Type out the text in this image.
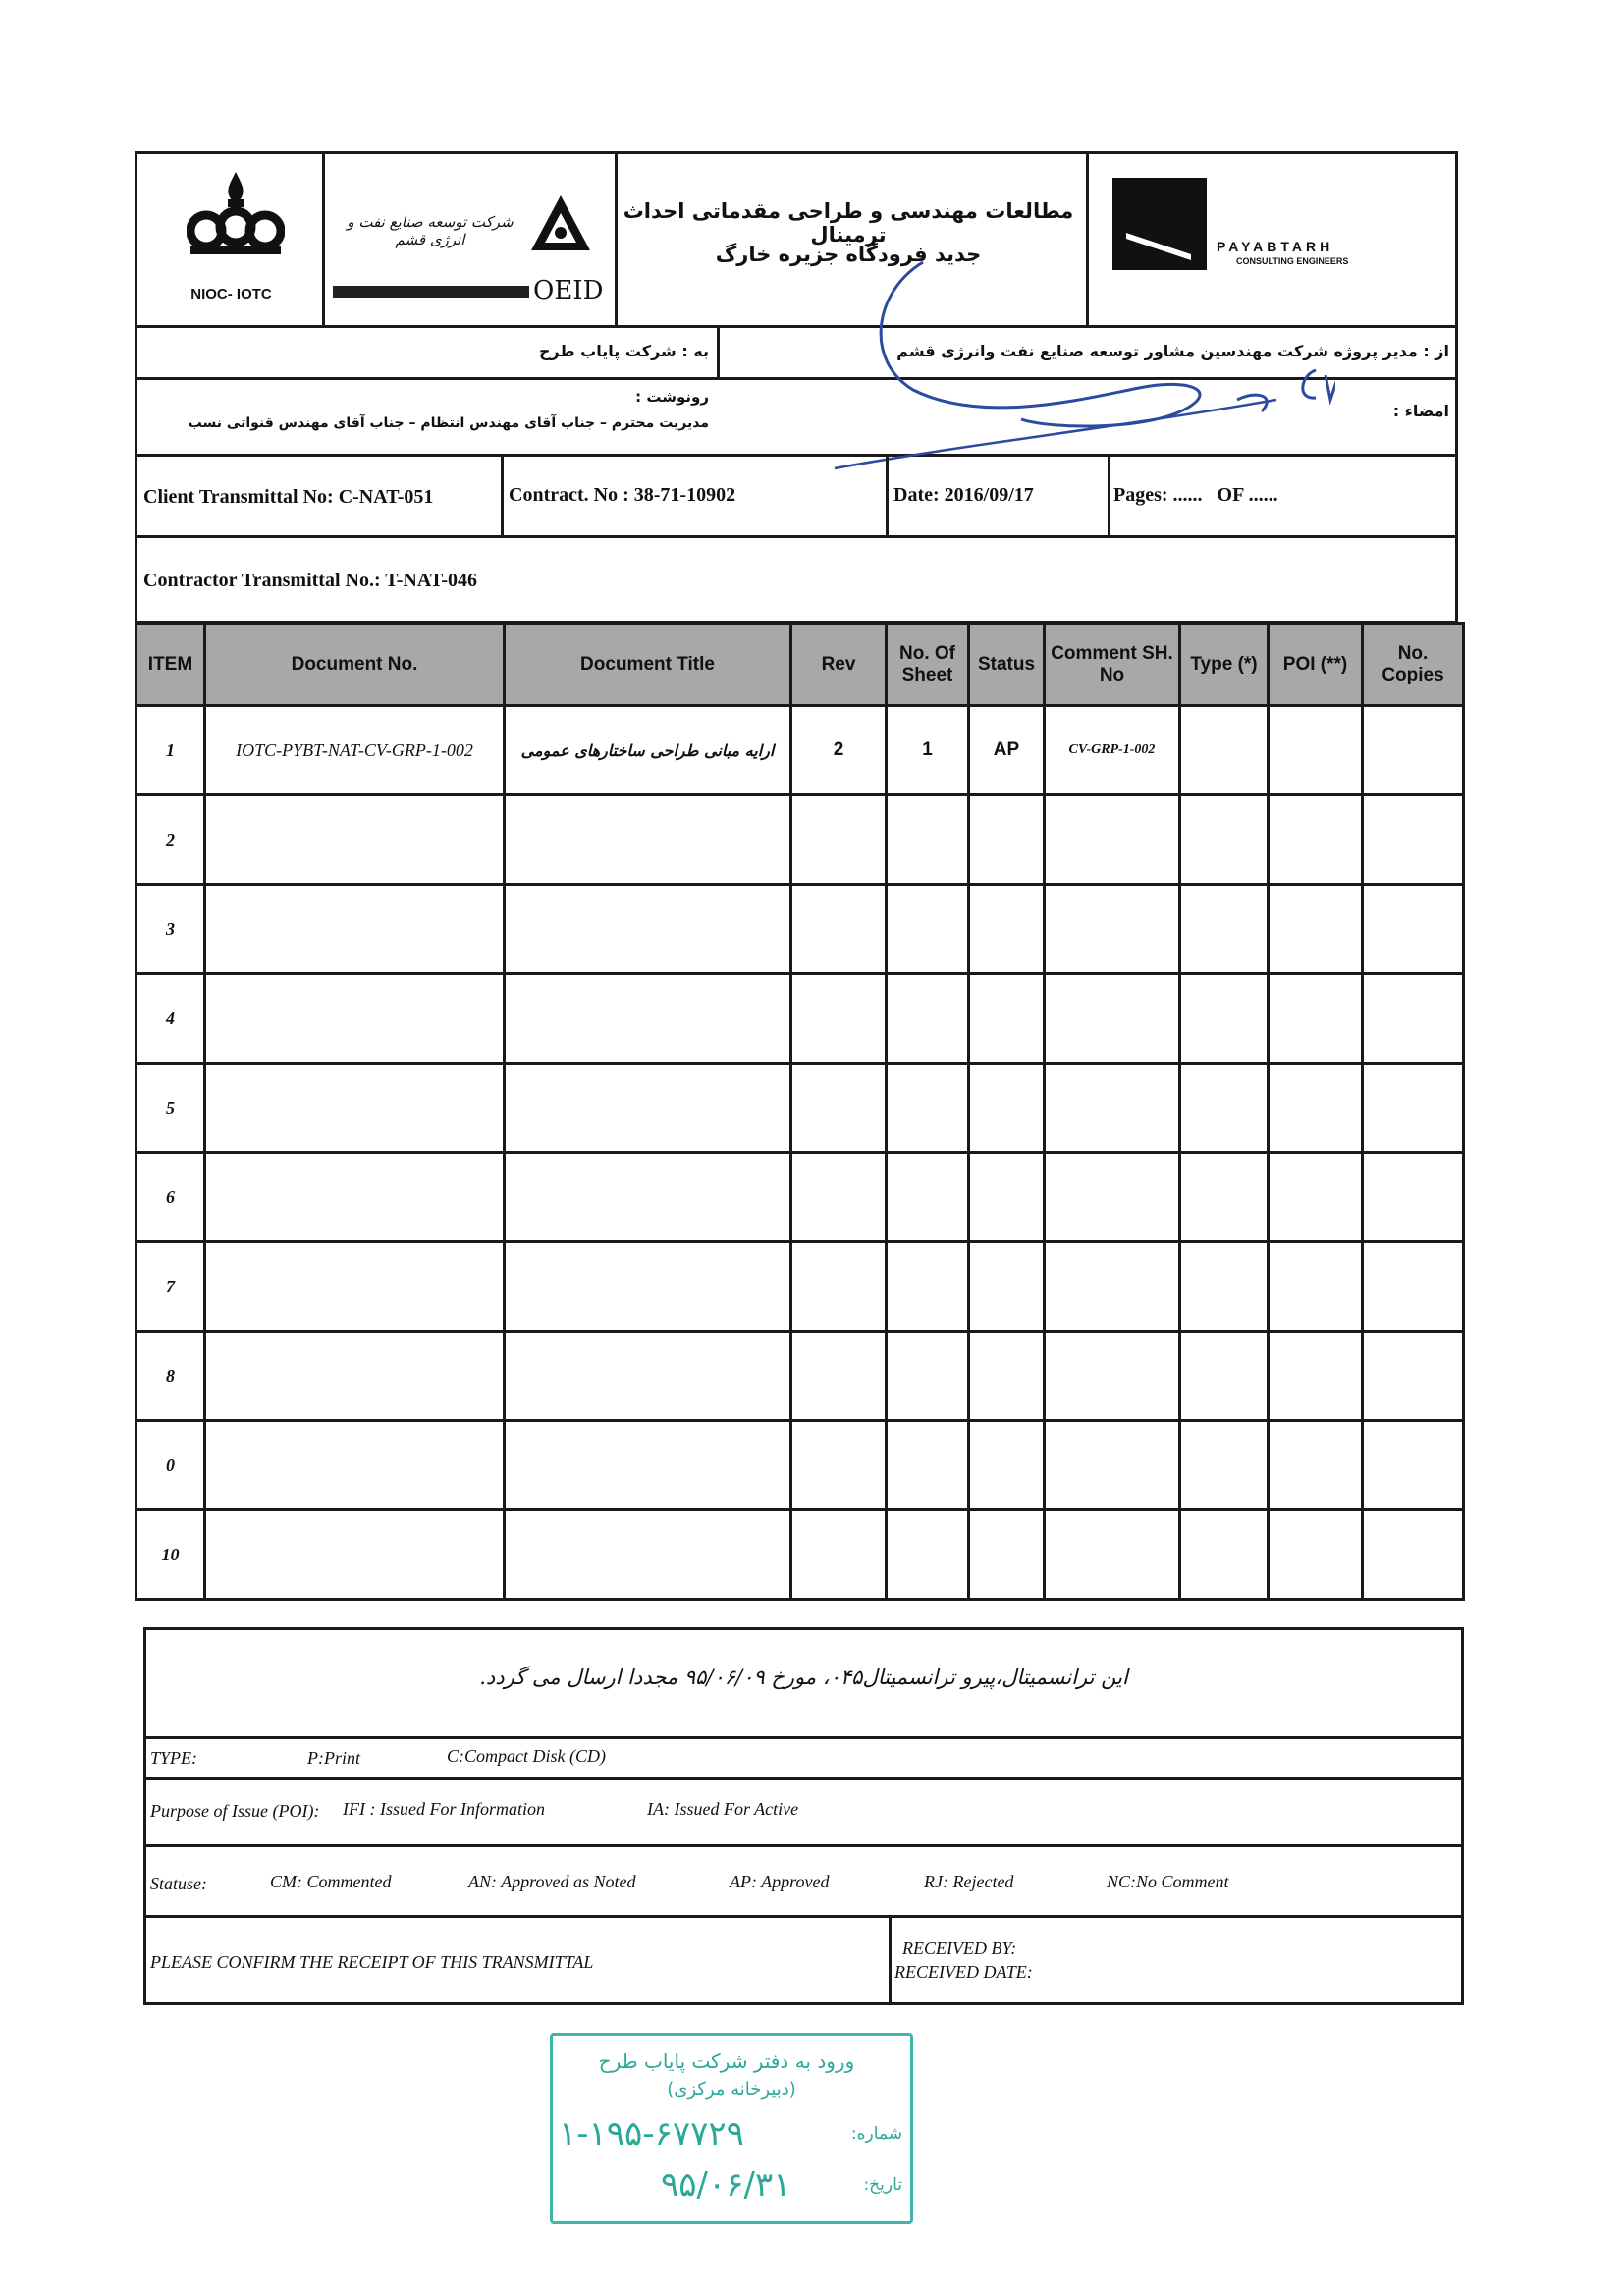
NIOC- IOTC
شرکت توسعه صنایع نفت و انرژی قشم
OEID
مطالعات مهندسی و طراحی مقدماتی احداث ترمینال
جدید فرودگاه جزیره خارگ	PAYABTARH
CONSULTING ENGINEERS
از : مدیر پروژه شرکت مهندسین مشاور توسعه صنایع نفت وانرژی قشم
به : شرکت پایاب طرح
رونوشت :
مدیریت محترم – جناب آقای مهندس انتظام – جناب آقای مهندس قنواتی نسب
امضاء :
Client Transmittal No: C-NAT-051	Contract. No : 38-71-10902	Date: 2016/09/17	Pages: ......   OF ......
Contractor Transmittal No.: T-NAT-046
ITEM	Document No.	Document Title	Rev	No. Of Sheet	Status	Comment SH. No	Type (*)	POI (**)	No. Copies
1	IOTC-PYBT-NAT-CV-GRP-1-002	ارایه مبانی طراحی ساختارهای عمومی	2	1	AP	CV-GRP-1-002			
2									
3									
4									
5									
6									
7									
8									
0									
10									
این ترانسمیتال،پیرو ترانسمیتال۰۴۵، مورخ ۹۵/۰۶/۰۹ مجددا ارسال می گردد.
TYPE:	P:Print	C:Compact Disk (CD)
Purpose of Issue (POI): IFI : Issued For Information	IA: Issued For Active
Statuse:	CM: Commented	AN: Approved as Noted	AP: Approved	RJ: Rejected	NC:No Comment
PLEASE CONFIRM THE RECEIPT OF THIS TRANSMITTAL
RECEIVED BY:
RECEIVED DATE:
ورود به دفتر شرکت پایاب طرح
(دبیرخانه مرکزی)
شماره:
۱-۱۹۵-۶۷۷۲۹
تاریخ:
۹۵/۰۶/۳۱
